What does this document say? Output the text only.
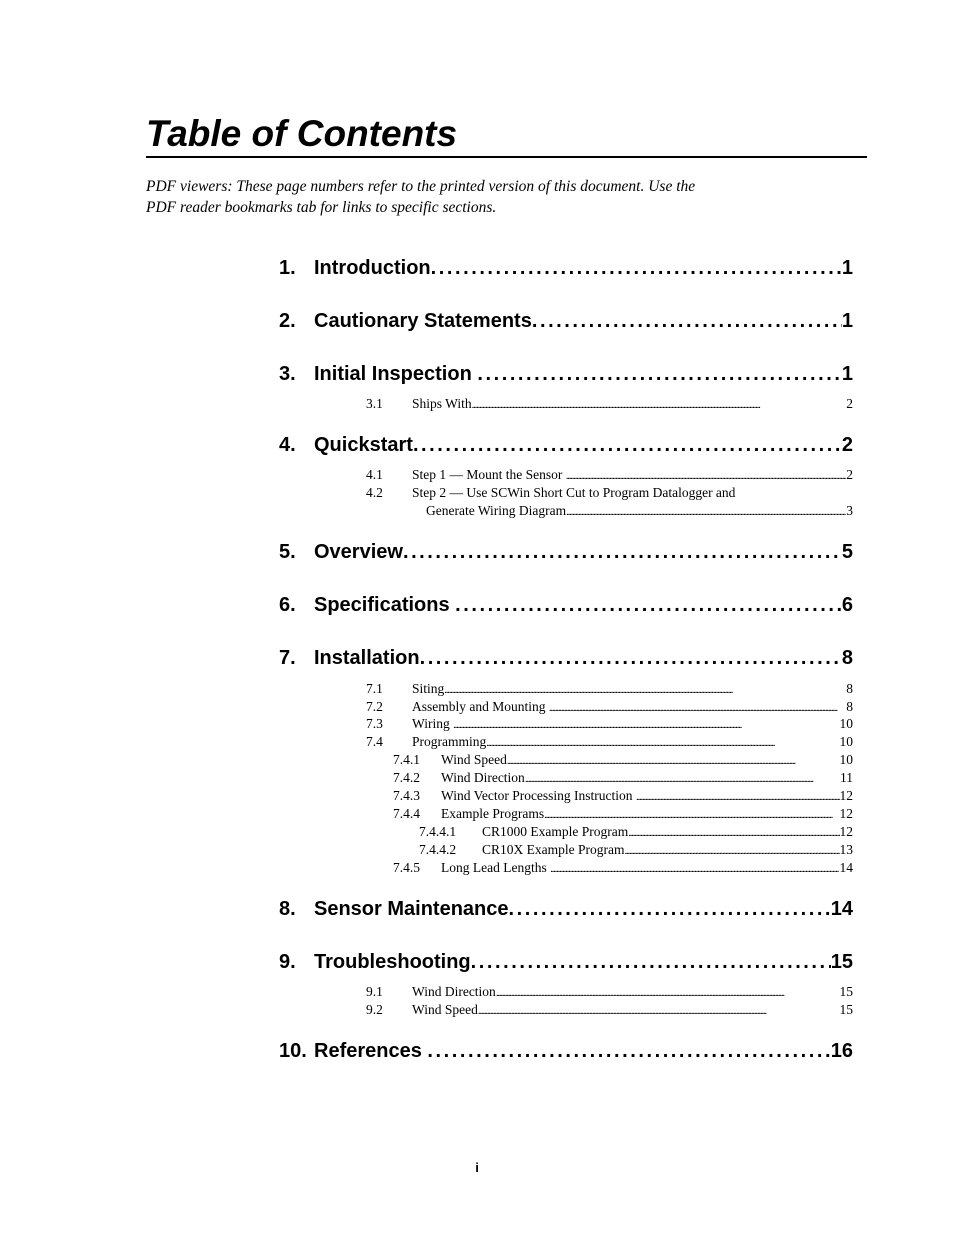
Table of Contents

PDF viewers: These page numbers refer to the printed version of this document. Use the

PDF reader bookmarks tab for links to specific sections.

1. Introduction . . .	1
2. Cautionary Statements . . .	1
3. Initial Inspection . . .	1
3.1 Ships With . . .	2
4. Quickstart . . .	2
4.1 Step 1 — Mount the Sensor . . .	2
4.2 Step 2 — Use SCWin Short Cut to Program Datalogger and
Generate Wiring Diagram . . .	3
5. Overview . . .	5
6. Specifications . . .	6
7. Installation . . .	8
7.1 Siting . . .	8
7.2 Assembly and Mounting . . .	8
7.3 Wiring . . .	10
7.4 Programming . . .	10
7.4.1 Wind Speed . . .	10
7.4.2 Wind Direction . . .	11
7.4.3 Wind Vector Processing Instruction . . .	12
7.4.4 Example Programs . . .	12
7.4.4.1 CR1000 Example Program . . .	12
7.4.4.2 CR10X Example Program . . .	13
7.4.5 Long Lead Lengths . . .	14
8. Sensor Maintenance . . .	14
9. Troubleshooting . . .	15
9.1 Wind Direction . . .	15
9.2 Wind Speed . . .	15
10. References . . .	16
i
